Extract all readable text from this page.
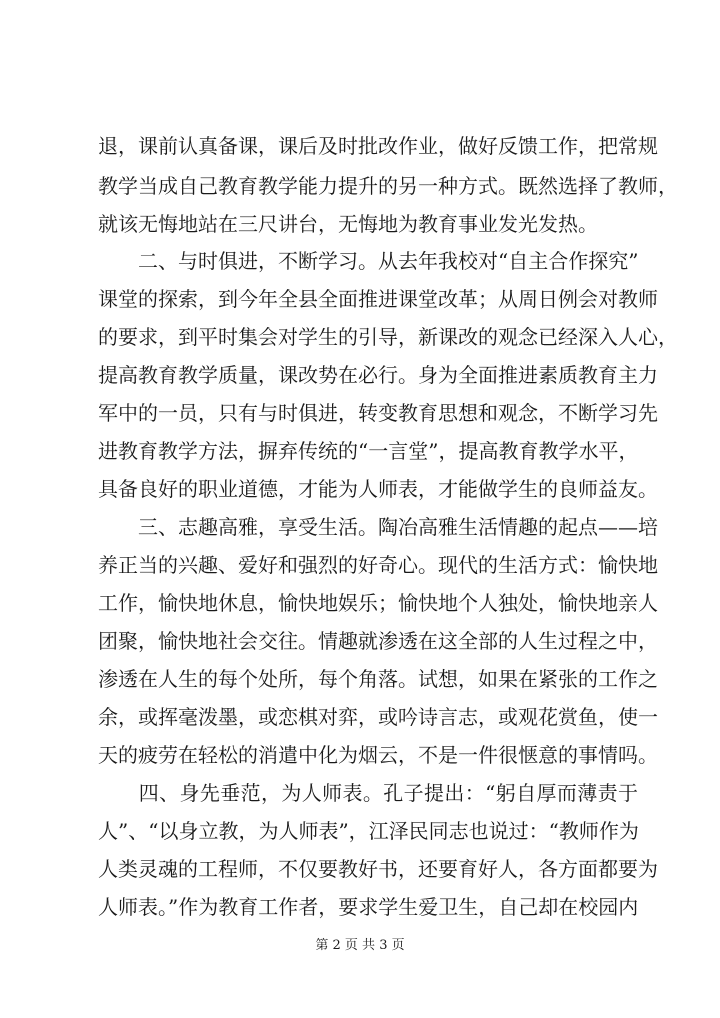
退，课前认真备课，课后及时批改作业，做好反馈工作，把常规
教学当成自己教育教学能力提升的另一种方式。既然选择了教师，
就该无悔地站在三尺讲台，无悔地为教育事业发光发热。
　　二、与时俱进，不断学习。从去年我校对“自主合作探究”
课堂的探索，到今年全县全面推进课堂改革；从周日例会对教师
的要求，到平时集会对学生的引导，新课改的观念已经深入人心，
提高教育教学质量，课改势在必行。身为全面推进素质教育主力
军中的一员，只有与时俱进，转变教育思想和观念，不断学习先
进教育教学方法，摒弃传统的“一言堂”，提高教育教学水平，
具备良好的职业道德，才能为人师表，才能做学生的良师益友。
　　三、志趣高雅，享受生活。陶冶高雅生活情趣的起点——培
养正当的兴趣、爱好和强烈的好奇心。现代的生活方式：愉快地
工作，愉快地休息，愉快地娱乐；愉快地个人独处，愉快地亲人
团聚，愉快地社会交往。情趣就渗透在这全部的人生过程之中，
渗透在人生的每个处所，每个角落。试想，如果在紧张的工作之
余，或挥毫泼墨，或恋棋对弈，或吟诗言志，或观花赏鱼，使一
天的疲劳在轻松的消遣中化为烟云，不是一件很惬意的事情吗。
　　四、身先垂范，为人师表。孔子提出：“躬自厚而薄责于
人”、“以身立教，为人师表”，江泽民同志也说过：“教师作为
人类灵魂的工程师，不仅要教好书，还要育好人，各方面都要为
人师表。”作为教育工作者，要求学生爱卫生，自己却在校园内
第 2 页 共 3 页
